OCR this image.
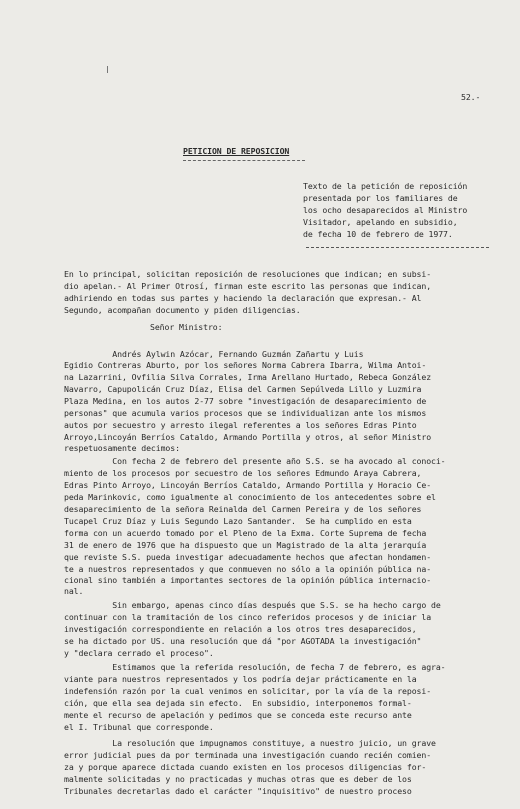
52.-
PETICION DE REPOSICION
Texto de la petición de reposición
presentada por los familiares de
los ocho desaparecidos al Ministro
Visitador, apelando en subsidio,
de fecha 10 de febrero de 1977.
En lo principal, solicitan reposición de resoluciones que indican; en subsi-
dio apelan.- Al Primer Otrosí, firman este escrito las personas que indican,
adhiriendo en todas sus partes y haciendo la declaración que expresan.- Al
Segundo, acompañan documento y piden diligencias.
Señor Ministro:
Andrés Aylwin Azócar, Fernando Guzmán Zañartu y Luis
Egidio Contreras Aburto, por los señores Norma Cabrera Ibarra, Wilma Antoi-
na Lazarrini, Ovfilia Silva Corrales, Irma Arellano Hurtado, Rebeca González
Navarro, Capupolicán Cruz Díaz, Elisa del Carmen Sepúlveda Lillo y Luzmira
Plaza Medina, en los autos 2-77 sobre "investigación de desaparecimiento de
personas" que acumula varios procesos que se individualizan ante los mismos
autos por secuestro y arresto ilegal referentes a los señores Edras Pinto
Arroyo,Lincoyán Berríos Cataldo, Armando Portilla y otros, al señor Ministro
respetuosamente decimos:
Con fecha 2 de febrero del presente año S.S. se ha avocado al conoci-
miento de los procesos por secuestro de los señores Edmundo Araya Cabrera,
Edras Pinto Arroyo, Lincoyán Berríos Cataldo, Armando Portilla y Horacio Ce-
peda Marinkovic, como igualmente al conocimiento de los antecedentes sobre el
desaparecimiento de la señora Reinalda del Carmen Pereira y de los señores
Tucapel Cruz Díaz y Luis Segundo Lazo Santander.  Se ha cumplido en esta
forma con un acuerdo tomado por el Pleno de la Exma. Corte Suprema de fecha
31 de enero de 1976 que ha dispuesto que un Magistrado de la alta jerarquía
que reviste S.S. pueda investigar adecuadamente hechos que afectan hondamen-
te a nuestros representados y que conmueven no sólo a la opinión pública na-
cional sino también a importantes sectores de la opinión pública internacio-
nal.
Sin embargo, apenas cinco días después que S.S. se ha hecho cargo de
continuar con la tramitación de los cinco referidos procesos y de iniciar la
investigación correspondiente en relación a los otros tres desaparecidos,
se ha dictado por US. una resolución que dá "por AGOTADA la investigación"
y "declara cerrado el proceso".
Estimamos que la referida resolución, de fecha 7 de febrero, es agra-
viante para nuestros representados y los podría dejar prácticamente en la
indefensión razón por la cual venimos en solicitar, por la vía de la reposi-
ción, que ella sea dejada sin efecto.  En subsidio, interponemos formal-
mente el recurso de apelación y pedimos que se conceda este recurso ante
el I. Tribunal que corresponde.
La resolución que impugnamos constituye, a nuestro juicio, un grave
error judicial pues da por terminada una investigación cuando recién comien-
za y porque aparece dictada cuando existen en los procesos diligencias for-
malmente solicitadas y no practicadas y muchas otras que es deber de los
Tribunales decretarlas dado el carácter "inquisitivo" de nuestro proceso
